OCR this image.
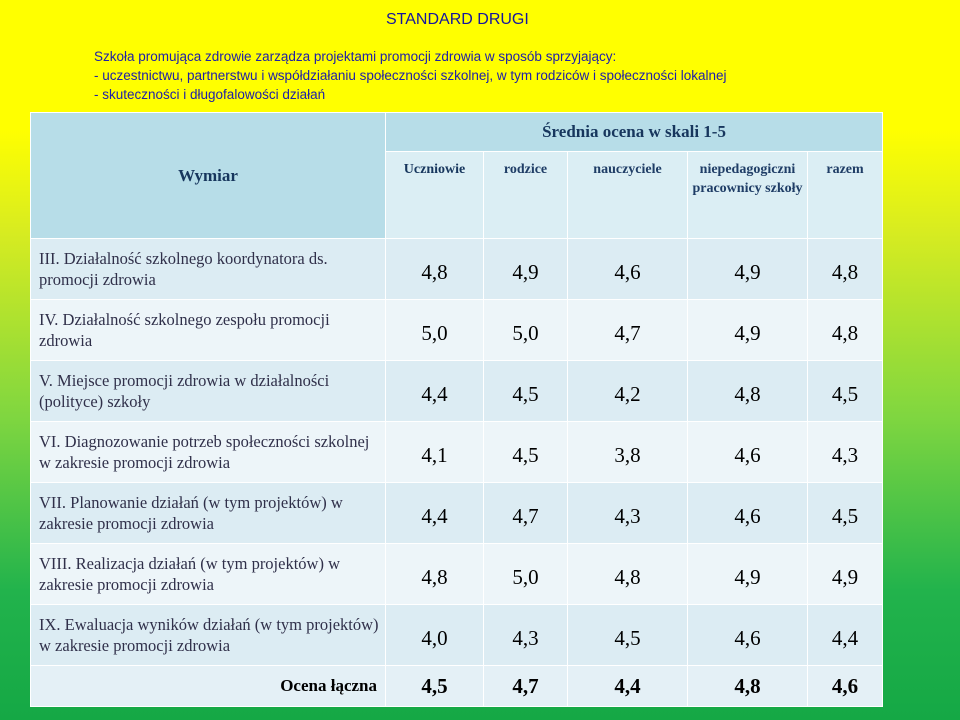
STANDARD DRUGI
Szkoła promująca zdrowie zarządza projektami promocji zdrowia w sposób sprzyjający:
- uczestnictwu, partnerstwu i współdziałaniu społeczności szkolnej, w tym rodziców i społeczności lokalnej
- skuteczności i długofalowości działań
Wymiar	Średnia ocena w skali 1-5				
	Uczniowie	rodzice	nauczyciele	niepedagogiczni pracownicy szkoły	razem
III. Działalność szkolnego koordynatora ds. promocji zdrowia	4,8	4,9	4,6	4,9	4,8
IV. Działalność szkolnego zespołu promocji zdrowia	5,0	5,0	4,7	4,9	4,8
V. Miejsce promocji zdrowia w działalności (polityce) szkoły	4,4	4,5	4,2	4,8	4,5
VI. Diagnozowanie potrzeb społeczności szkolnej w zakresie promocji zdrowia	4,1	4,5	3,8	4,6	4,3
VII. Planowanie działań (w tym projektów) w zakresie promocji zdrowia	4,4	4,7	4,3	4,6	4,5
VIII. Realizacja działań (w tym projektów) w zakresie promocji zdrowia	4,8	5,0	4,8	4,9	4,9
IX. Ewaluacja wyników działań (w tym projektów) w zakresie promocji zdrowia	4,0	4,3	4,5	4,6	4,4
Ocena łączna	4,5	4,7	4,4	4,8	4,6
